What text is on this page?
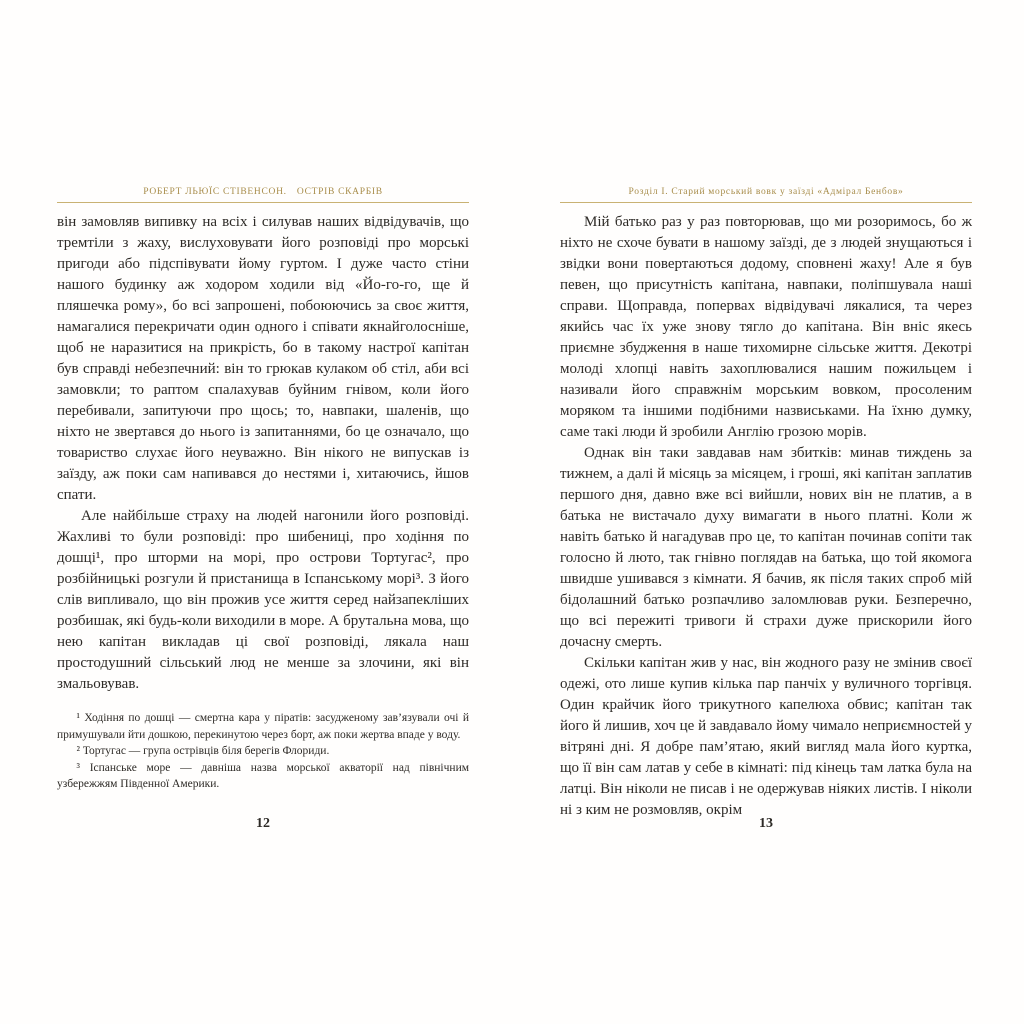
РОБЕРТ ЛЬЮЇС СТІВЕНСОН. ОСТРІВ СКАРБІВ

він замовляв випивку на всіх і силував наших відвідувачів, що тремтіли з жаху, вислуховувати його розповіді про морські пригоди або підспівувати йому гуртом. І дуже часто стіни нашого будинку аж ходором ходили від «Йо-го-го, ще й пляшечка рому», бо всі запрошені, побоюючись за своє життя, намагалися перекричати один одного і співати якнайголосніше, щоб не наразитися на прикрість, бо в такому настрої капітан був справді небезпечний: він то грюкав кулаком об стіл, аби всі замовкли; то раптом спалахував буйним гнівом, коли його перебивали, запитуючи про щось; то, навпаки, шаленів, що ніхто не звертався до нього із запитаннями, бо це означало, що товариство слухає його неуважно. Він нікого не випускав із заїзду, аж поки сам напивався до нестями і, хитаючись, йшов спати.

Але найбільше страху на людей нагонили його розповіді. Жахливі то були розповіді: про шибениці, про ходіння по дошці¹, про шторми на морі, про острови Тортугас², про розбійницькі розгули й пристанища в Іспанському морі³. З його слів випливало, що він прожив усе життя серед найзапекліших розбишак, які будь-коли виходили в море. А брутальна мова, що нею капітан викладав ці свої розповіді, лякала наш простодушний сільський люд не менше за злочини, які він змальовував.

¹ Ходіння по дошці — смертна кара у піратів: засудженому зав’язували очі й примушували йти дошкою, перекинутою через борт, аж поки жертва впаде у воду.

² Тортугас — група острівців біля берегів Флориди.

³ Іспанське море — давніша назва морської акваторії над північним узбережжям Південної Америки.

12
Розділ І. Старий морський вовк у заїзді «Адмірал Бенбов»

Мій батько раз у раз повторював, що ми розоримось, бо ж ніхто не схоче бувати в нашому заїзді, де з людей знущаються і звідки вони повертаються додому, сповнені жаху! Але я був певен, що присутність капітана, навпаки, поліпшувала наші справи. Щоправда, попервах відвідувачі лякалися, та через якийсь час їх уже знову тягло до капітана. Він вніс якесь приємне збудження в наше тихомирне сільське життя. Декотрі молоді хлопці навіть захоплювалися нашим пожильцем і називали його справжнім морським вовком, просоленим моряком та іншими подібними назвиськами. На їхню думку, саме такі люди й зробили Англію грозою морів.

Однак він таки завдавав нам збитків: минав тиждень за тижнем, а далі й місяць за місяцем, і гроші, які капітан заплатив першого дня, давно вже всі вийшли, нових він не платив, а в батька не вистачало духу вимагати в нього платні. Коли ж навіть батько й нагадував про це, то капітан починав сопіти так голосно й люто, так гнівно поглядав на батька, що той якомога швидше ушивався з кімнати. Я бачив, як після таких спроб мій бідолашний батько розпачливо заломлював руки. Безперечно, що всі пережиті тривоги й страхи дуже прискорили його дочасну смерть.

Скільки капітан жив у нас, він жодного разу не змінив своєї одежі, ото лише купив кілька пар панчіх у вуличного торгівця. Один крайчик його трикутного капелюха обвис; капітан так його й лишив, хоч це й завдавало йому чимало неприємностей у вітряні дні. Я добре пам’ятаю, який вигляд мала його куртка, що її він сам латав у себе в кімнаті: під кінець там латка була на латці. Він ніколи не писав і не одержував ніяких листів. І ніколи ні з ким не розмовляв, окрім

13
